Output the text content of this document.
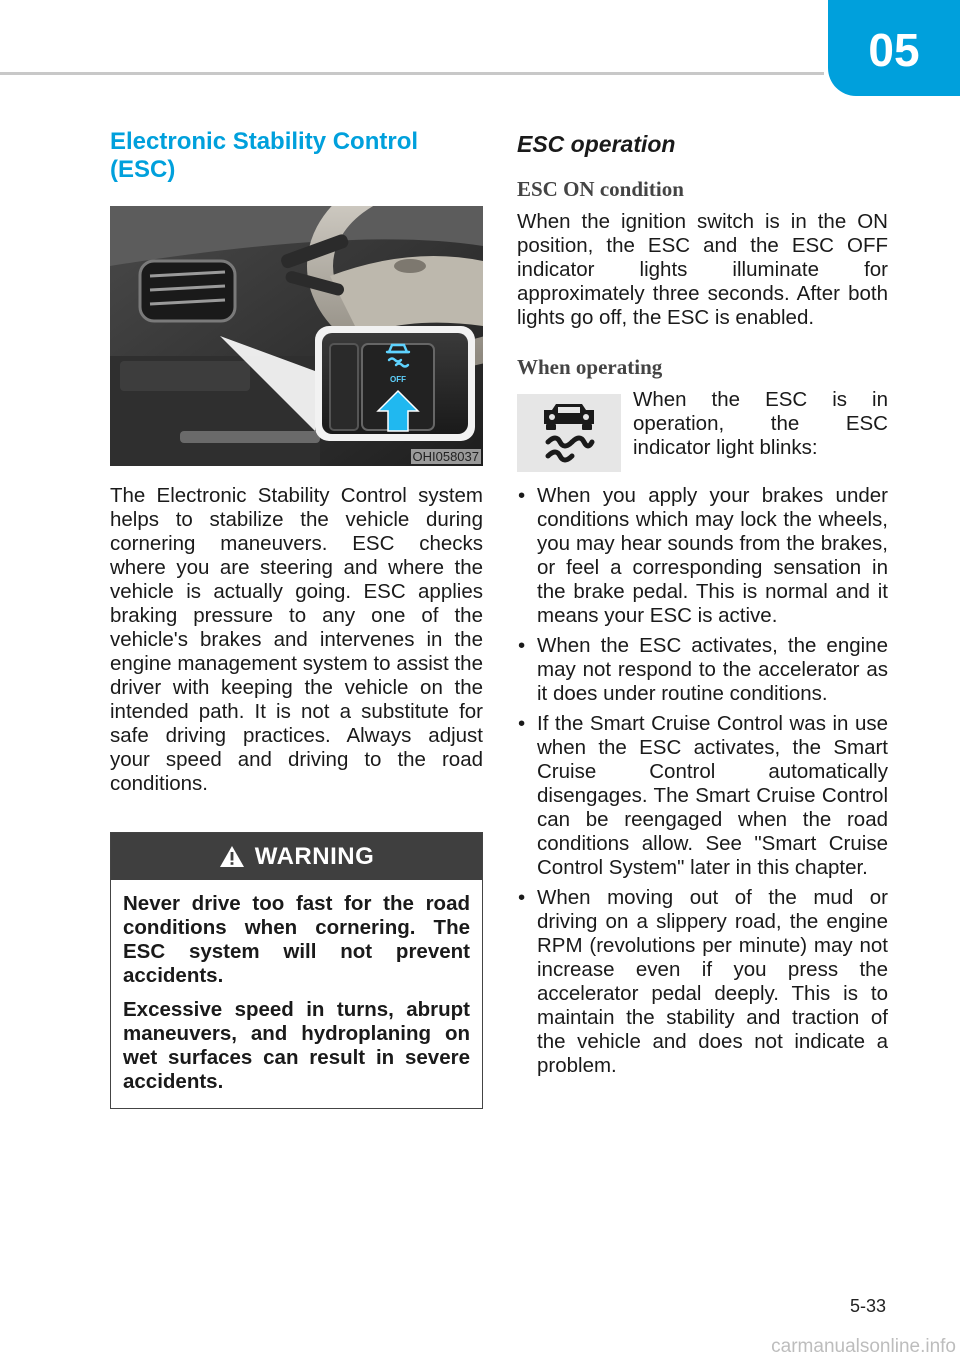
05
Electronic Stability Control (ESC)
OFF
OHI058037

The Electronic Stability Control system helps to stabilize the vehicle during cornering maneuvers. ESC checks where you are steering and where the vehicle is actually going. ESC applies braking pressure to any one of the vehicle's brakes and intervenes in the engine management system to assist the driver with keeping the vehicle on the intended path. It is not a substitute for safe driving practices. Always adjust your speed and driving to the road conditions.

WARNING

Never drive too fast for the road conditions when cornering. The ESC system will not prevent accidents.

Excessive speed in turns, abrupt maneuvers, and hydroplaning on wet surfaces can result in severe accidents.

ESC operation
ESC ON condition

When the ignition switch is in the ON position, the ESC and the ESC OFF indicator lights illuminate for approximately three seconds. After both lights go off, the ESC is enabled.

When operating

When the ESC is in operation, the ESC indicator light blinks:

• When you apply your brakes under conditions which may lock the wheels, you may hear sounds from the brakes, or feel a corresponding sensation in the brake pedal. This is normal and it means your ESC is active.
• When the ESC activates, the engine may not respond to the accelerator as it does under routine conditions.
• If the Smart Cruise Control was in use when the ESC activates, the Smart Cruise Control automatically disengages. The Smart Cruise Control can be reengaged when the road conditions allow. See "Smart Cruise Control System" later in this chapter.
• When moving out of the mud or driving on a slippery road, the engine RPM (revolutions per minute) may not increase even if you press the accelerator pedal deeply. This is to maintain the stability and traction of the vehicle and does not indicate a problem.
5-33
carmanualsonline.info
